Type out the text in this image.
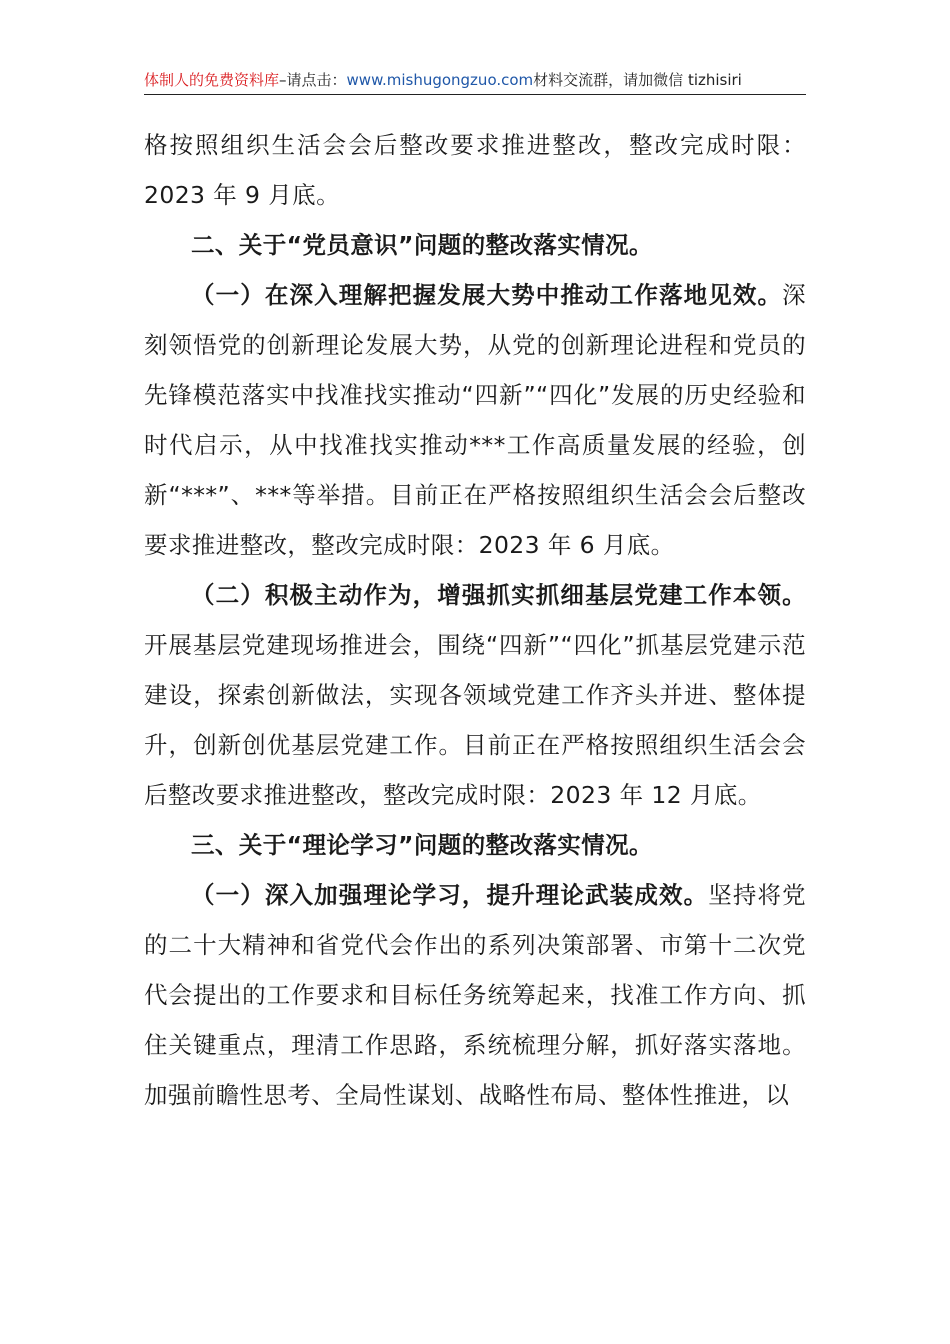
体制人的免费资料库–请点击：www.mishugongzuo.com材料交流群，请加微信 tizhisiri

格按照组织生活会会后整改要求推进整改，整改完成时限：2023 年 9 月底。

二、关于“党员意识”问题的整改落实情况。

（一）在深入理解把握发展大势中推动工作落地见效。深刻领悟党的创新理论发展大势，从党的创新理论进程和党员的先锋模范落实中找准找实推动“四新”“四化”发展的历史经验和时代启示，从中找准找实推动***工作高质量发展的经验，创新“***”、***等举措。目前正在严格按照组织生活会会后整改要求推进整改，整改完成时限：2023 年 6 月底。

（二）积极主动作为，增强抓实抓细基层党建工作本领。开展基层党建现场推进会，围绕“四新”“四化”抓基层党建示范建设，探索创新做法，实现各领域党建工作齐头并进、整体提升，创新创优基层党建工作。目前正在严格按照组织生活会会后整改要求推进整改，整改完成时限：2023 年 12 月底。

三、关于“理论学习”问题的整改落实情况。

（一）深入加强理论学习，提升理论武装成效。坚持将党的二十大精神和省党代会作出的系列决策部署、市第十二次党代会提出的工作要求和目标任务统筹起来，找准工作方向、抓住关键重点，理清工作思路，系统梳理分解，抓好落实落地。加强前瞻性思考、全局性谋划、战略性布局、整体性推进，以
